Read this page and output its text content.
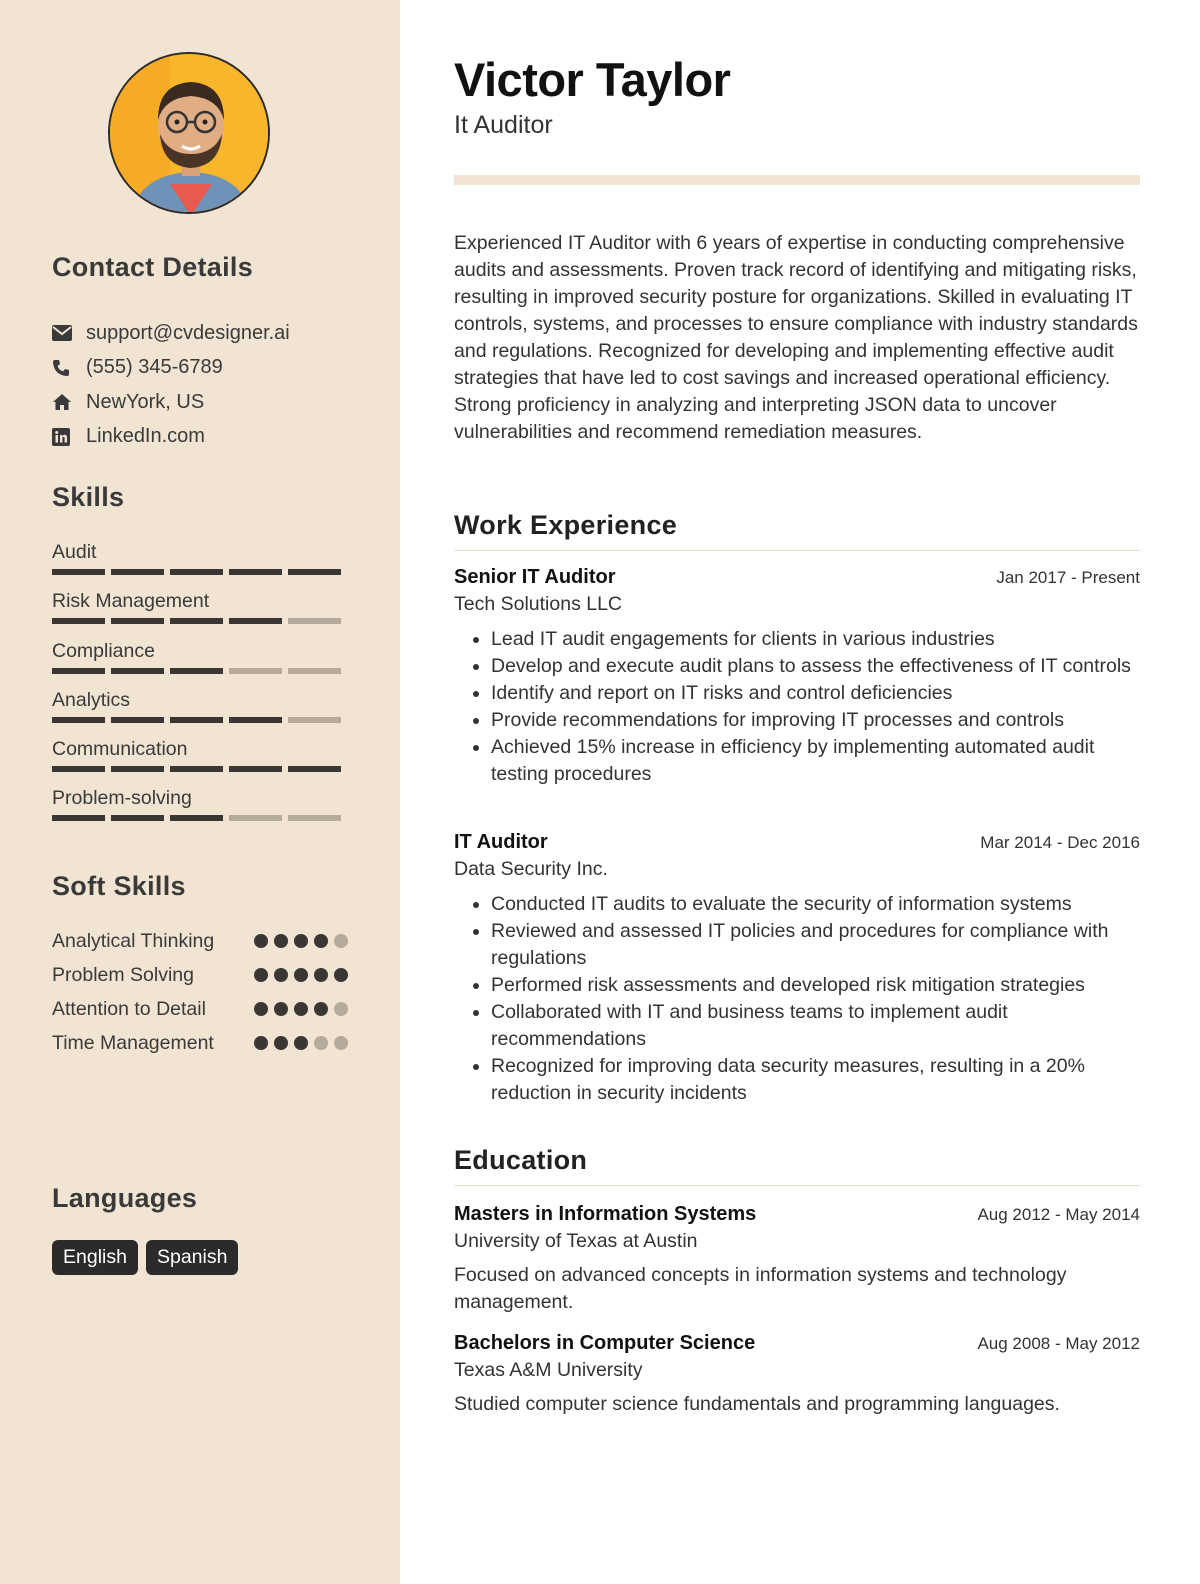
Contact Details
support@cvdesigner.ai
(555) 345-6789
NewYork, US
LinkedIn.com
Skills
Audit
Risk Management
Compliance
Analytics
Communication
Problem-solving
Soft Skills
Analytical Thinking
Problem Solving
Attention to Detail
Time Management
Languages
English	Spanish
Victor Taylor
It Auditor

Experienced IT Auditor with 6 years of expertise in conducting comprehensive audits and assessments. Proven track record of identifying and mitigating risks, resulting in improved security posture for organizations. Skilled in evaluating IT controls, systems, and processes to ensure compliance with industry standards and regulations. Recognized for developing and implementing effective audit strategies that have led to cost savings and increased operational efficiency. Strong proficiency in analyzing and interpreting JSON data to uncover vulnerabilities and recommend remediation measures.

Work Experience
Senior IT Auditor	Jan 2017 - Present
Tech Solutions LLC
• Lead IT audit engagements for clients in various industries
• Develop and execute audit plans to assess the effectiveness of IT controls
• Identify and report on IT risks and control deficiencies
• Provide recommendations for improving IT processes and controls
• Achieved 15% increase in efficiency by implementing automated audit testing procedures
IT Auditor	Mar 2014 - Dec 2016
Data Security Inc.
• Conducted IT audits to evaluate the security of information systems
• Reviewed and assessed IT policies and procedures for compliance with regulations
• Performed risk assessments and developed risk mitigation strategies
• Collaborated with IT and business teams to implement audit recommendations
• Recognized for improving data security measures, resulting in a 20% reduction in security incidents
Education
Masters in Information Systems	Aug 2012 - May 2014
University of Texas at Austin

Focused on advanced concepts in information systems and technology management.

Bachelors in Computer Science	Aug 2008 - May 2012
Texas A&M University

Studied computer science fundamentals and programming languages.
